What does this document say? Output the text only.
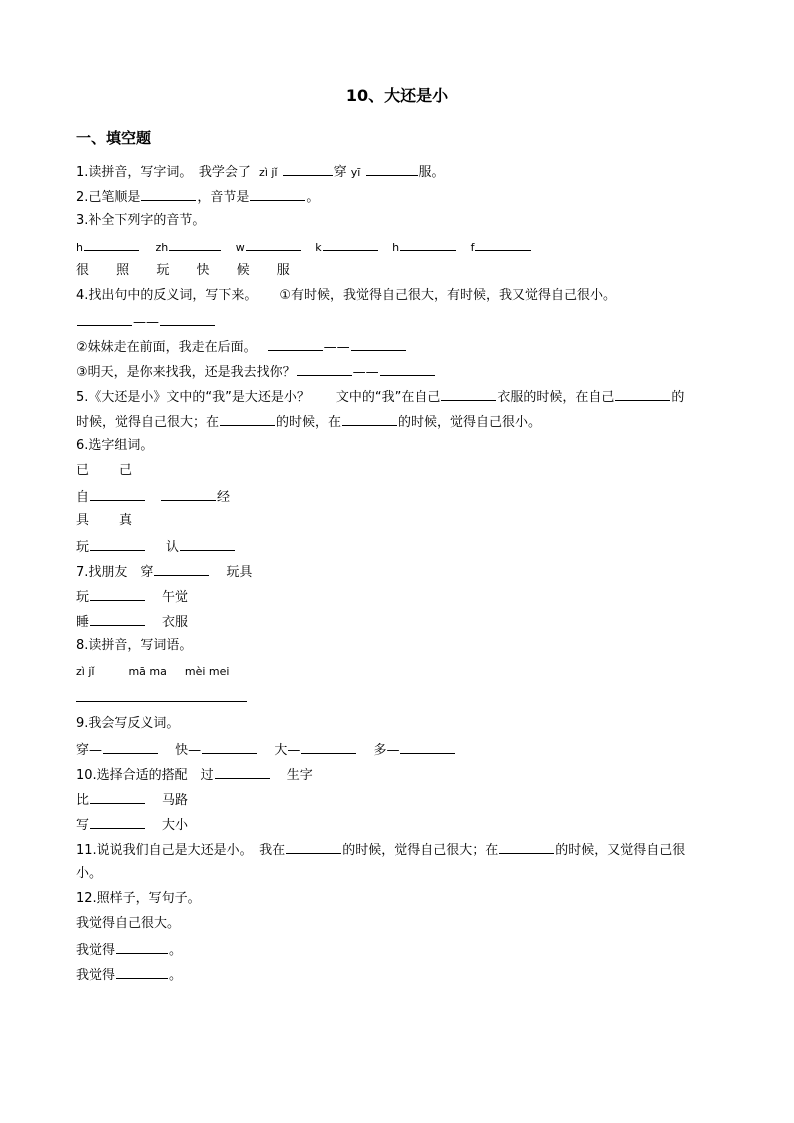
10、大还是小
一、填空题
1.读拼音，写字词。　我学会了 zì jǐ	穿 yī	服。
2.己笔顺是	，音节是	。
3.补全下列字的音节。
h	zh	w	k	h	f
很 照 玩 快 候 服
4.找出句中的反义词，写下来。 ①有时候，我觉得自己很大，有时候，我又觉得自己很小。
——
②妹妹走在前面，我走在后面。	——
③明天，是你来找我，还是我去找你？	——
5.《大还是小》文中的“我”是大还是小？　　文中的“我”在自己	衣服的时候，在自己	的
时候，觉得自己很大；在	的时候，在	的时候，觉得自己很小。
6.选字组词。
已 己
自	经
具 真
玩	认
7.找朋友　穿	玩具
玩	午觉
睡	衣服
8.读拼音，写词语。
zì jǐ	mā ma mèi mei
9.我会写反义词。
穿—	快—	大—	多—
10.选择合适的搭配　过	生字
比	马路
写	大小
11.说说我们自己是大还是小。　我在	的时候，觉得自己很大；在	的时候，又觉得自己很
小。
12.照样子，写句子。
我觉得自己很大。
我觉得	。
我觉得	。
